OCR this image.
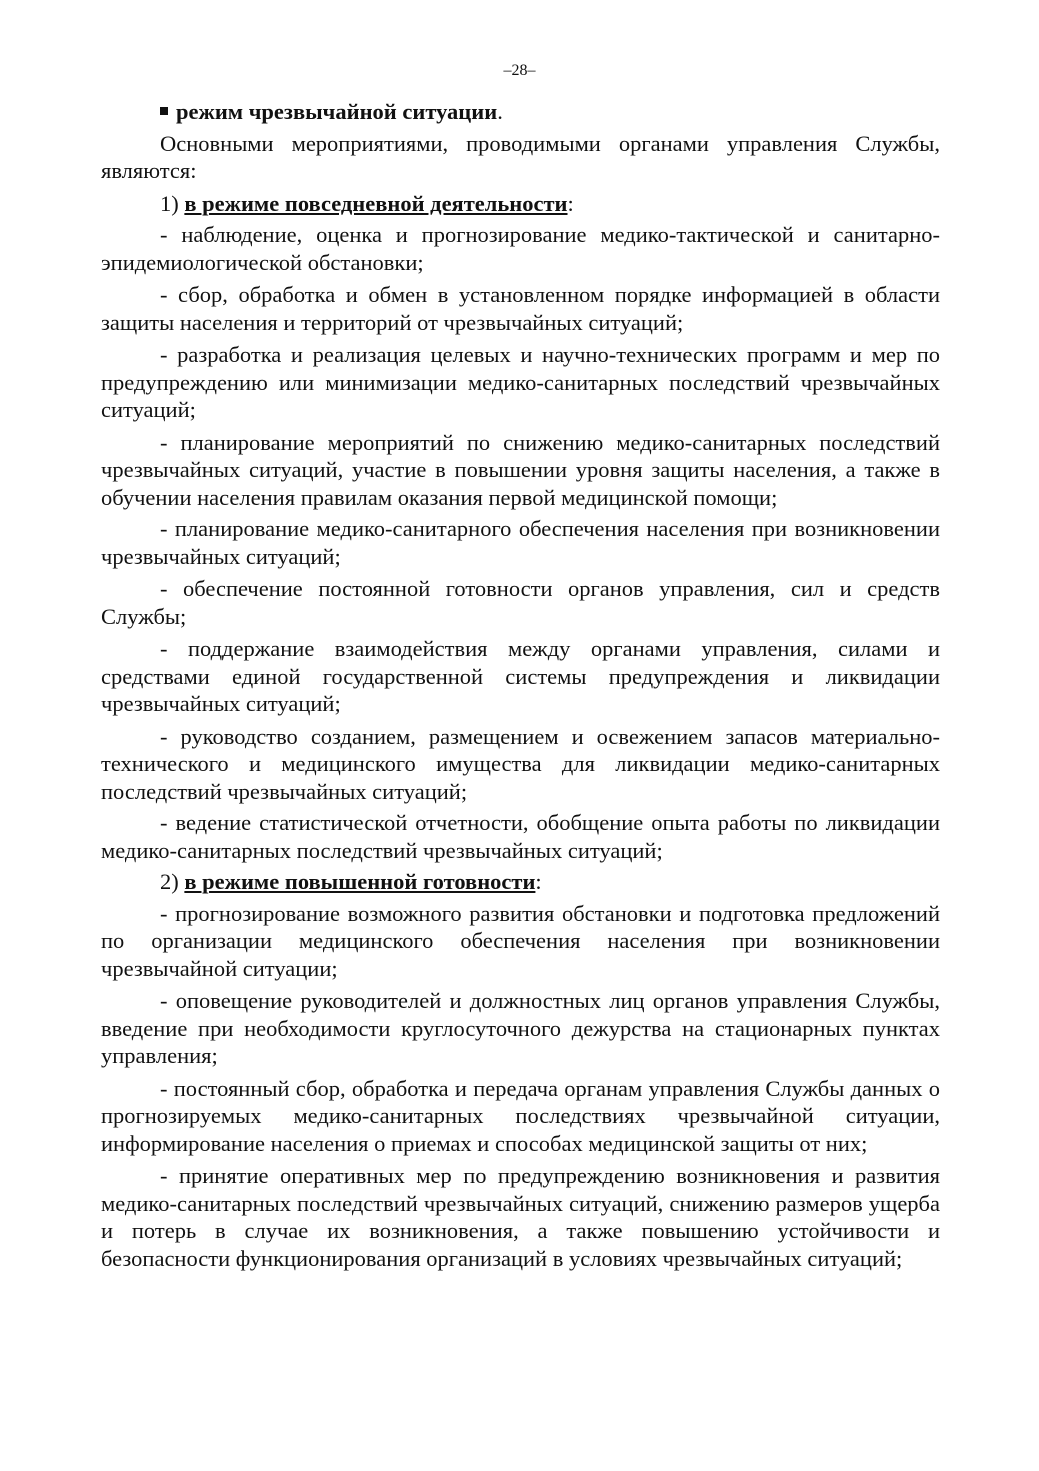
–28–

режим чрезвычайной ситуации.

Основными мероприятиями, проводимыми органами управления Службы, являются:

1) в режиме повседневной деятельности:

- наблюдение, оценка и прогнозирование медико-тактической и санитарно-эпидемиологической обстановки;

- сбор, обработка и обмен в установленном порядке информацией в области защиты населения и территорий от чрезвычайных ситуаций;

- разработка и реализация целевых и научно-технических программ и мер по предупреждению или минимизации медико-санитарных последствий чрезвычайных ситуаций;

- планирование мероприятий по снижению медико-санитарных последствий чрезвычайных ситуаций, участие в повышении уровня защиты населения, а также в обучении населения правилам оказания первой медицинской помощи;

- планирование медико-санитарного обеспечения населения при возникновении чрезвычайных ситуаций;

- обеспечение постоянной готовности органов управления, сил и средств Службы;

- поддержание взаимодействия между органами управления, силами и средствами единой государственной системы предупреждения и ликвидации чрезвычайных ситуаций;

- руководство созданием, размещением и освежением запасов материально-технического и медицинского имущества для ликвидации медико-санитарных последствий чрезвычайных ситуаций;

- ведение статистической отчетности, обобщение опыта работы по ликвидации медико-санитарных последствий чрезвычайных ситуаций;

2) в режиме повышенной готовности:

- прогнозирование возможного развития обстановки и подготовка предложений по организации медицинского обеспечения населения при возникновении чрезвычайной ситуации;

- оповещение руководителей и должностных лиц органов управления Службы, введение при необходимости круглосуточного дежурства на стационарных пунктах управления;

- постоянный сбор, обработка и передача органам управления Службы данных о прогнозируемых медико-санитарных последствиях чрезвычайной ситуации, информирование населения о приемах и способах медицинской защиты от них;

- принятие оперативных мер по предупреждению возникновения и развития медико-санитарных последствий чрезвычайных ситуаций, снижению размеров ущерба и потерь в случае их возникновения, а также повышению устойчивости и безопасности функционирования организаций в условиях чрезвычайных ситуаций;
